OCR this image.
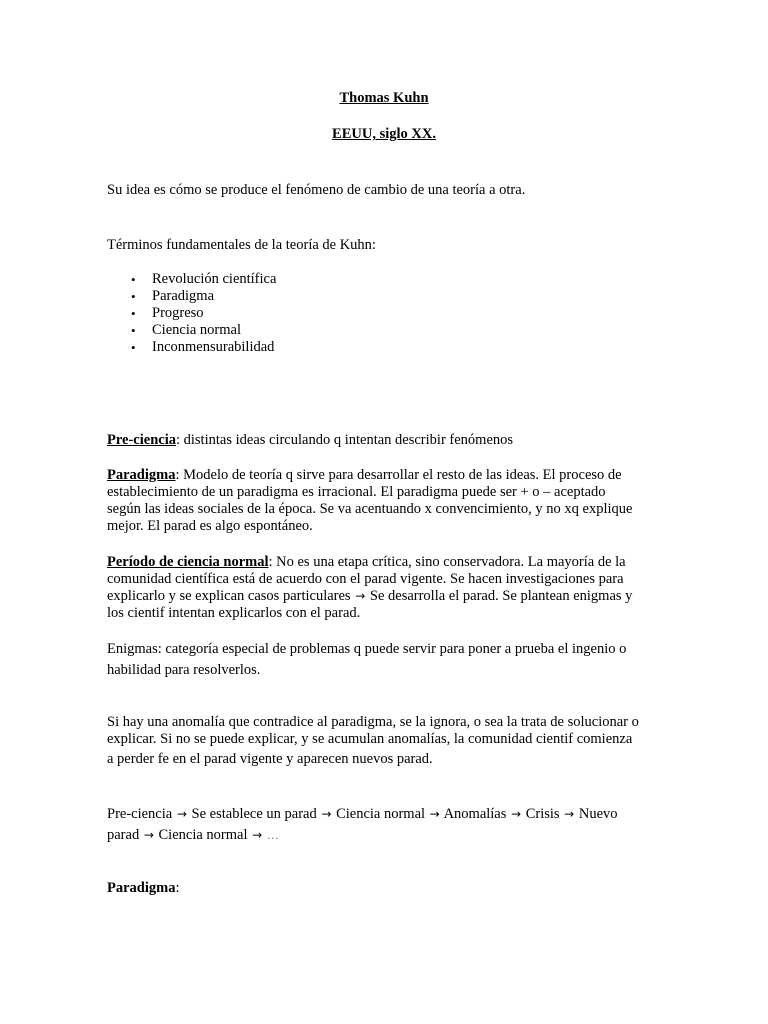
Thomas Kuhn
EEUU, siglo XX.

Su idea es cómo se produce el fenómeno de cambio de una teoría a otra.

Términos fundamentales de la teoría de Kuhn:

• Revolución científica
• Paradigma
• Progreso
• Ciencia normal
• Inconmensurabilidad

Pre-ciencia: distintas ideas circulando q intentan describir fenómenos

Paradigma: Modelo de teoría q sirve para desarrollar el resto de las ideas. El proceso de
establecimiento de un paradigma es irracional. El paradigma puede ser + o – aceptado
según las ideas sociales de la época. Se va acentuando x convencimiento, y no xq explique
mejor. El parad es algo espontáneo.
Período de ciencia normal: No es una etapa crítica, sino conservadora. La mayoría de la
comunidad científica está de acuerdo con el parad vigente. Se hacen investigaciones para
explicarlo y se explican casos particulares → Se desarrolla el parad. Se plantean enigmas y
los cientif intentan explicarlos con el parad.
Enigmas: categoría especial de problemas q puede servir para poner a prueba el ingenio o
habilidad para resolverlos.
Si hay una anomalía que contradice al paradigma, se la ignora, o sea la trata de solucionar o
explicar. Si no se puede explicar, y se acumulan anomalías, la comunidad cientif comienza
a perder fe en el parad vigente y aparecen nuevos parad.
Pre-ciencia → Se establece un parad → Ciencia normal → Anomalías → Crisis → Nuevo
parad → Ciencia normal → …
Paradigma:
